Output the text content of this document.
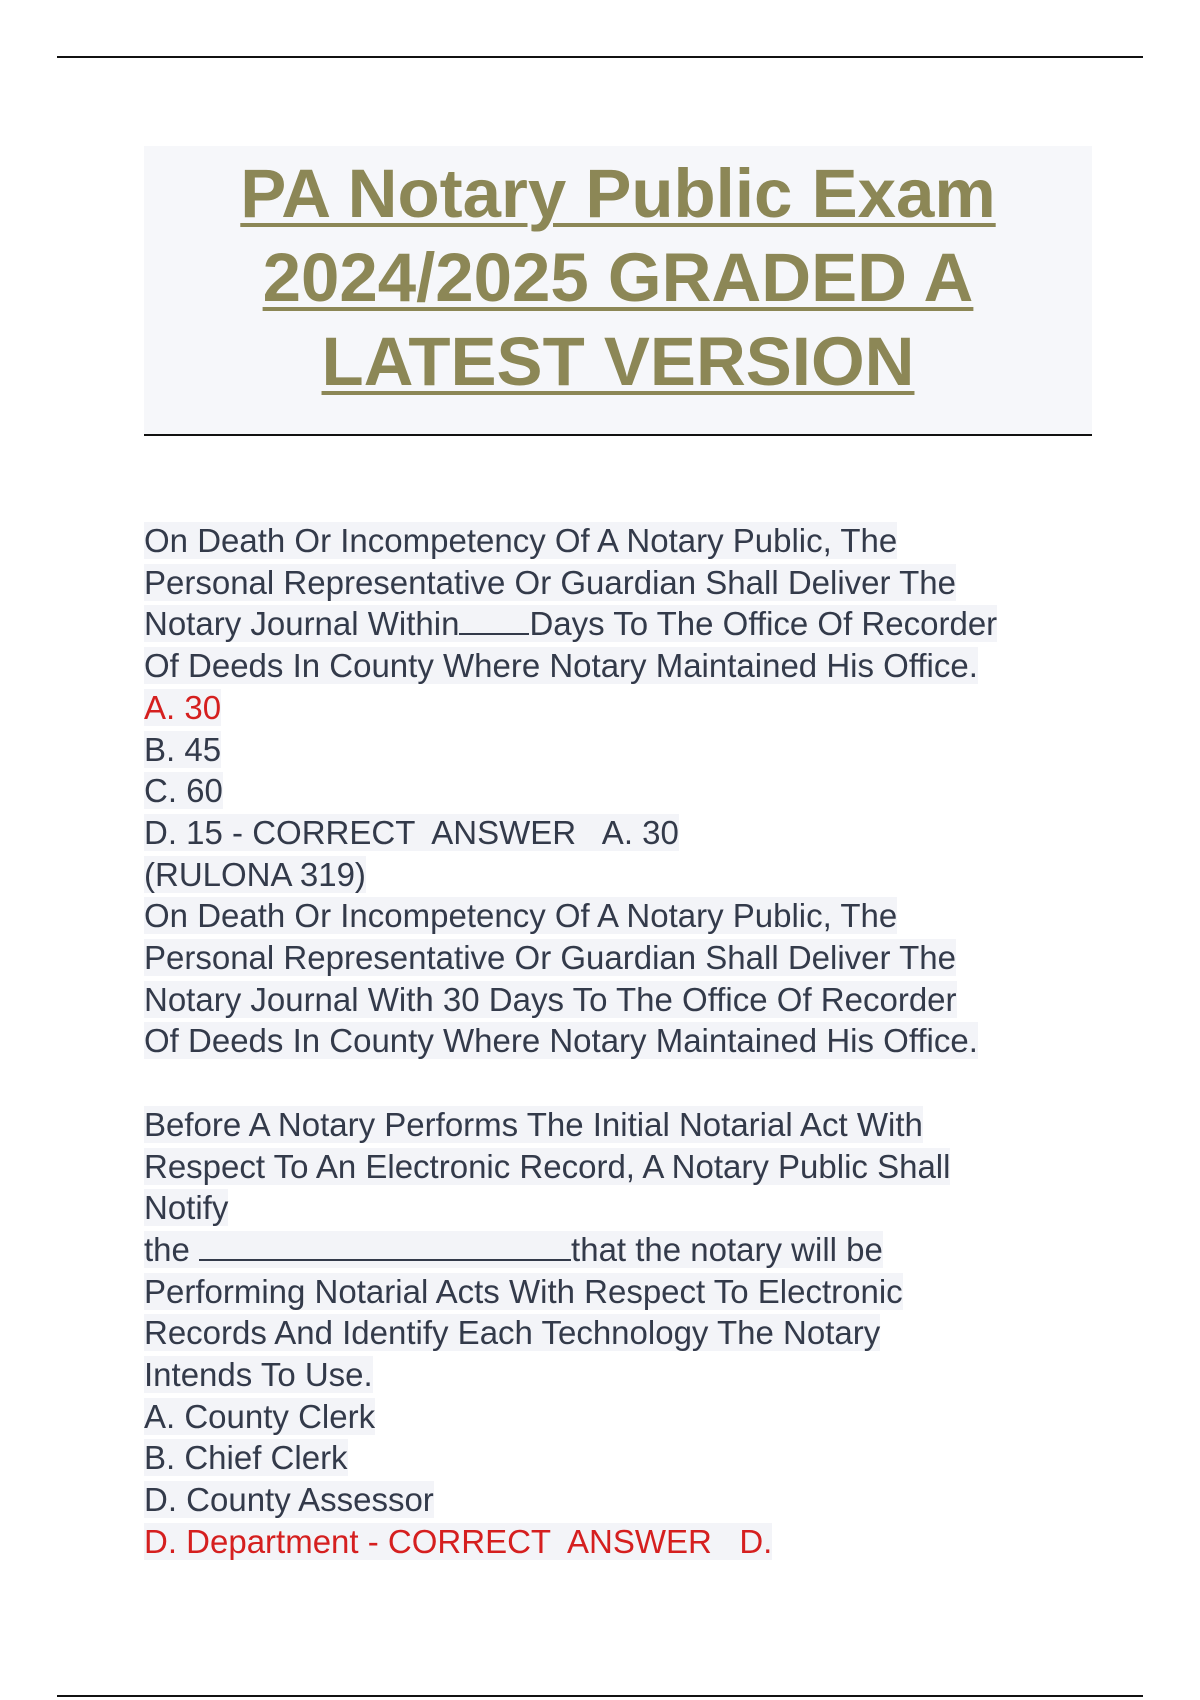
PA Notary Public Exam
2024/2025 GRADED A
LATEST VERSION
On Death Or Incompetency Of A Notary Public, The
Personal Representative Or Guardian Shall Deliver The
Notary Journal Within Days To The Office Of Recorder
Of Deeds In County Where Notary Maintained His Office.
A. 30
B. 45
C. 60
D. 15 - CORRECT  ANSWER   A. 30
(RULONA 319)
On Death Or Incompetency Of A Notary Public, The
Personal Representative Or Guardian Shall Deliver The
Notary Journal With 30 Days To The Office Of Recorder
Of Deeds In County Where Notary Maintained His Office.
Before A Notary Performs The Initial Notarial Act With
Respect To An Electronic Record, A Notary Public Shall
Notify
the	that the notary will be
Performing Notarial Acts With Respect To Electronic
Records And Identify Each Technology The Notary
Intends To Use.
A. County Clerk
B. Chief Clerk
D. County Assessor
D. Department - CORRECT  ANSWER   D.
